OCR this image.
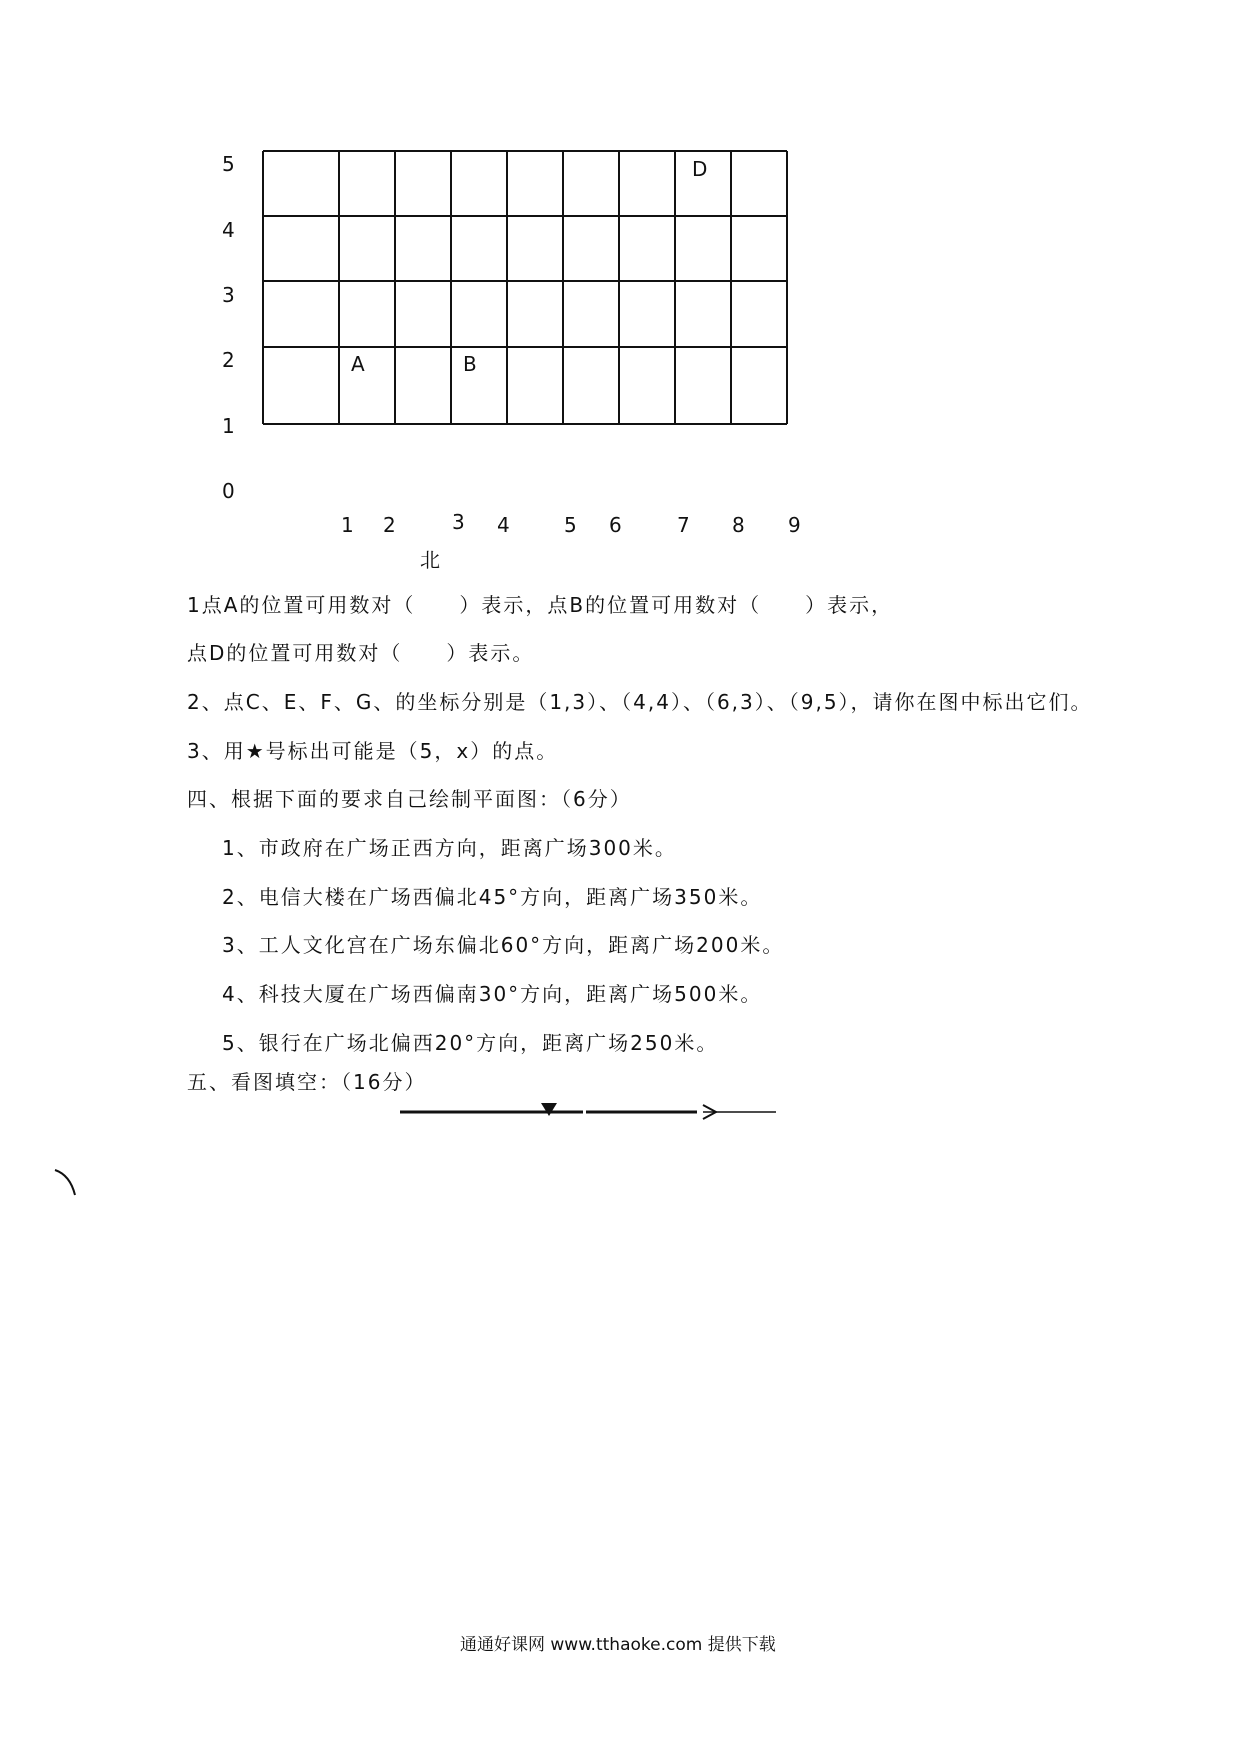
5
4
3
2
1
0
1 2	3 4	5 6	7 8 9
北
A	B
D
1点A的位置可用数对（　　）表示，点B的位置可用数对（　　）表示，
点D的位置可用数对（　　）表示。
2、点C、E、F、G、的坐标分别是（1,3）、（4,4）、（6,3）、（9,5），请你在图中标出它们。
3、用★号标出可能是（5，x）的点。
四、根据下面的要求自己绘制平面图：（6分）
1、市政府在广场正西方向，距离广场300米。
2、电信大楼在广场西偏北45°方向，距离广场350米。
3、工人文化宫在广场东偏北60°方向，距离广场200米。
4、科技大厦在广场西偏南30°方向，距离广场500米。
5、银行在广场北偏西20°方向，距离广场250米。
五、看图填空：（16分）
通通好课网 www.tthaoke.com 提供下载
